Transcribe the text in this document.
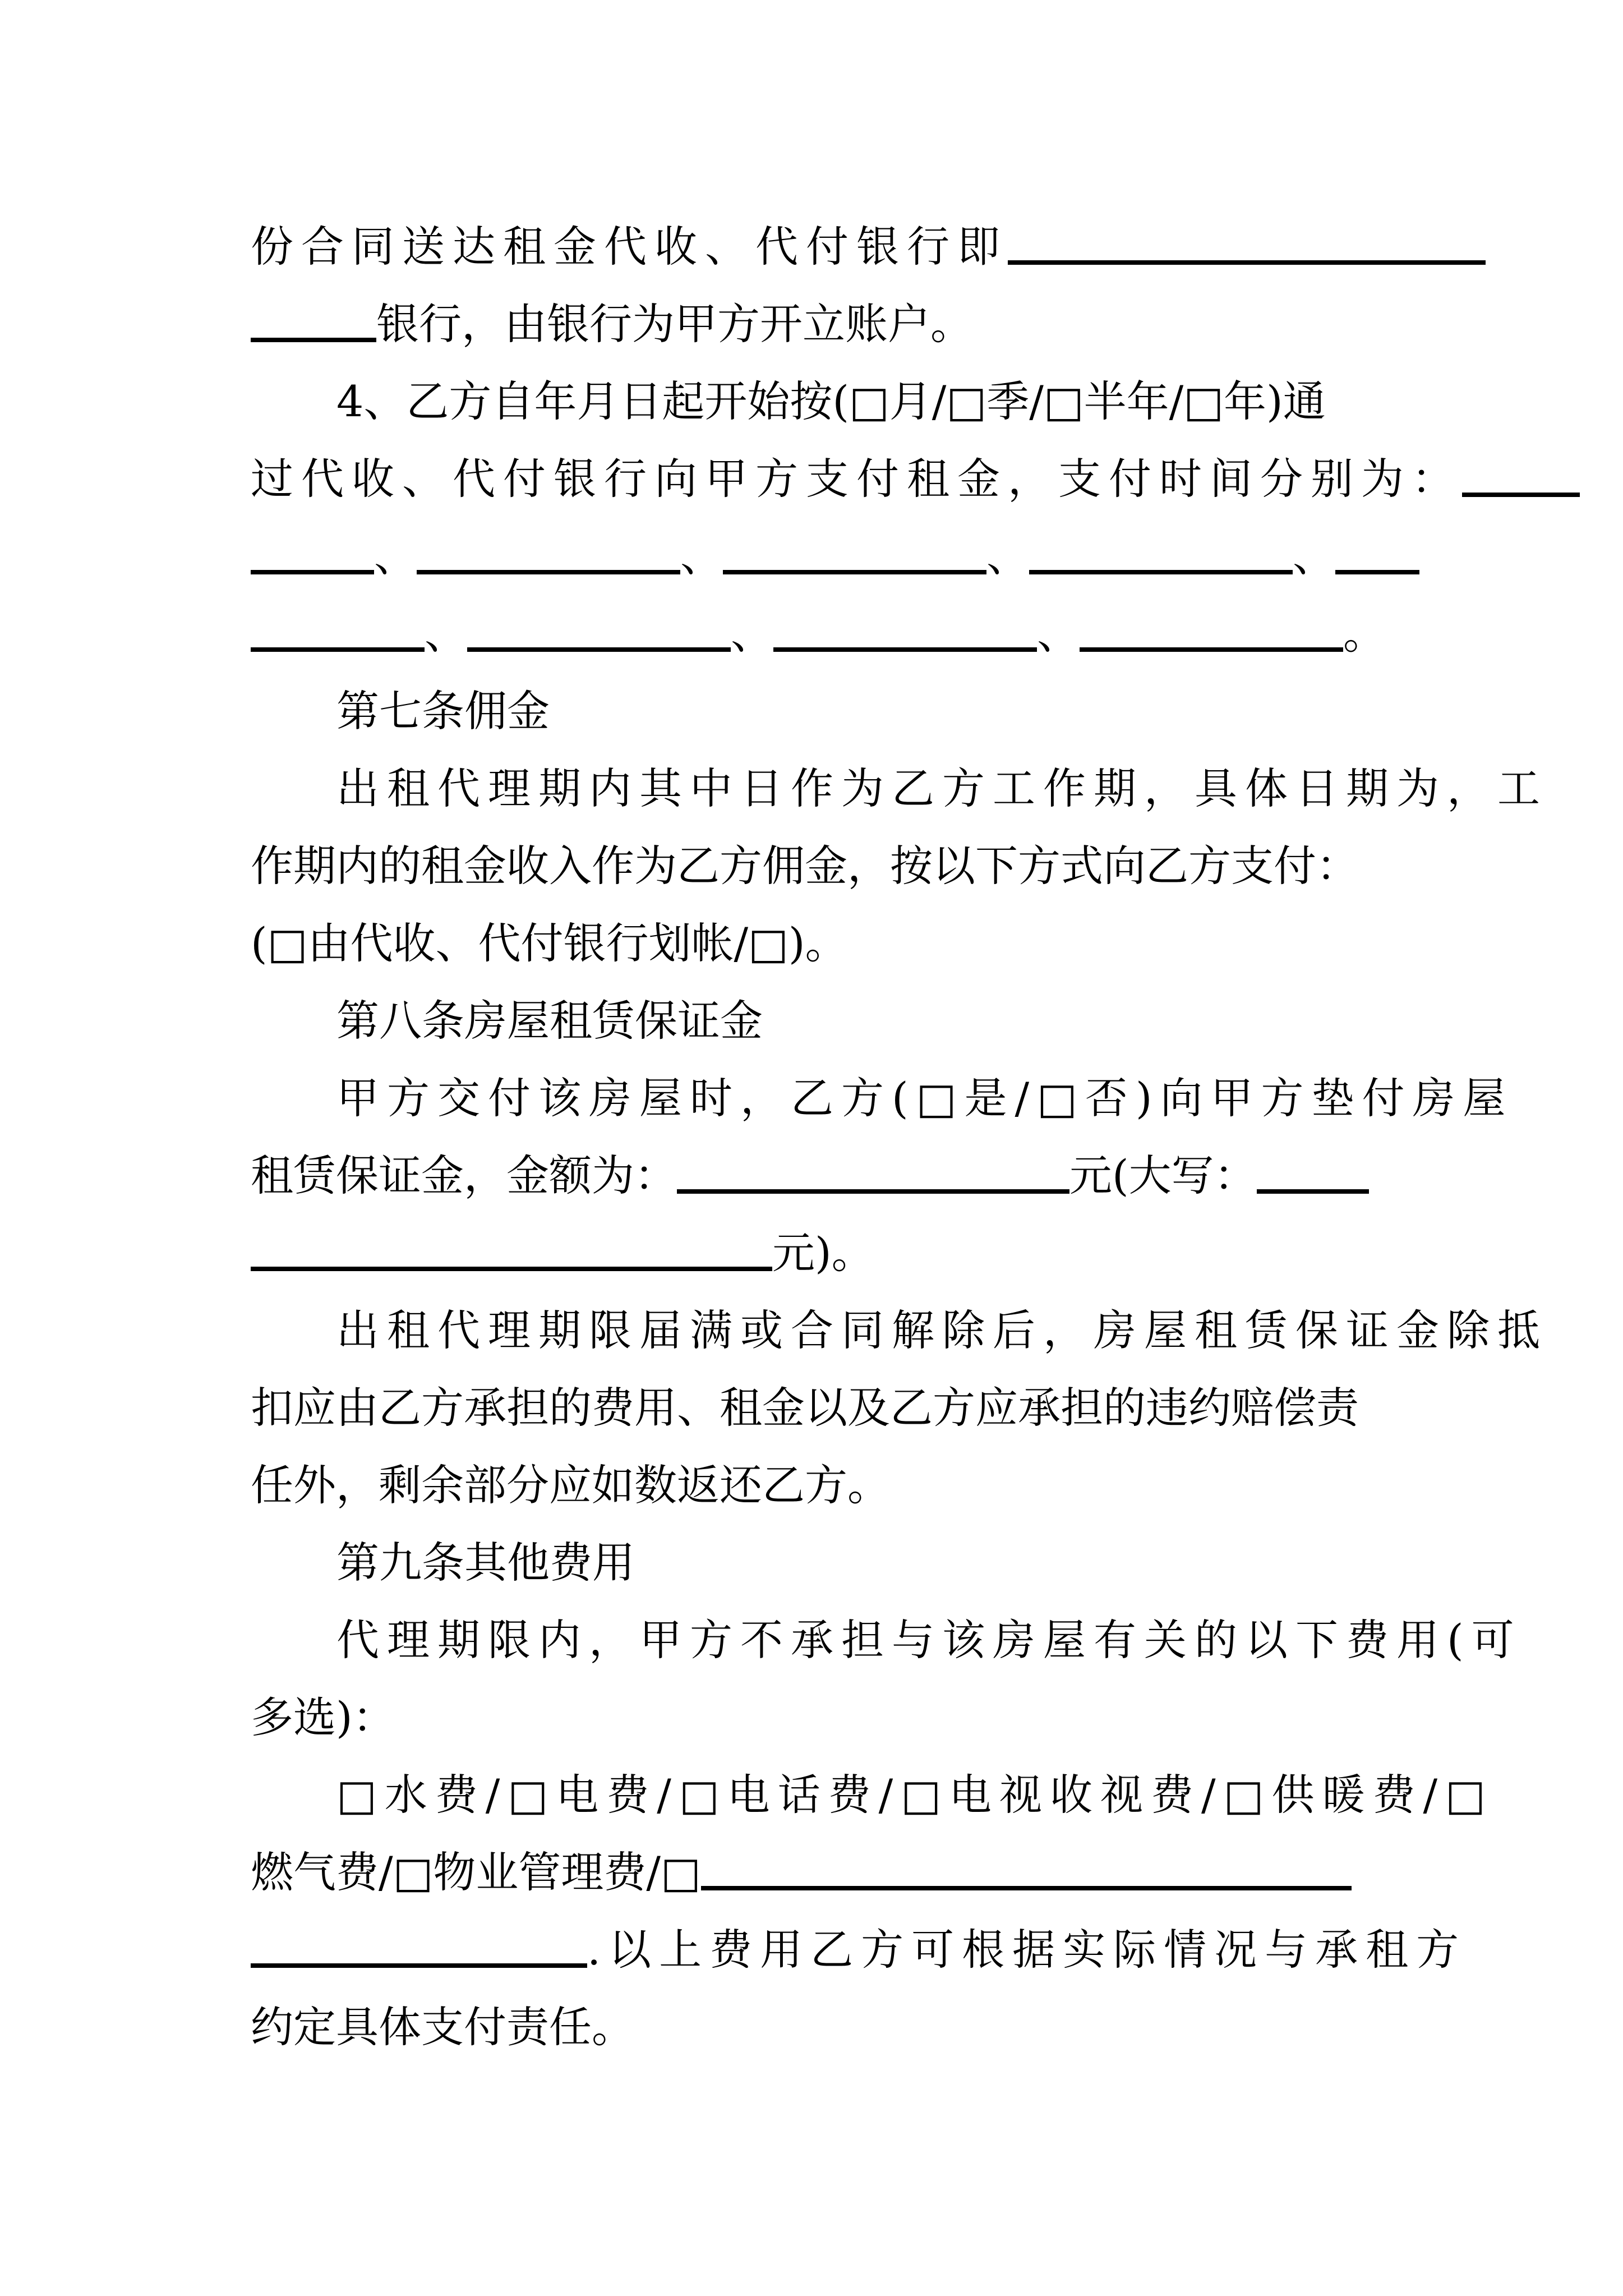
份合同送达租金代收、代付银行即
银行，由银行为甲方开立账户。
4、乙方自年月日起开始按(□月/□季/□半年/□年)通
过代收、代付银行向甲方支付租金，支付时间分别为：
、	、	、	、
、	、	、	。
第七条佣金
出租代理期内其中日作为乙方工作期，具体日期为，工
作期内的租金收入作为乙方佣金，按以下方式向乙方支付：
(□由代收、代付银行划帐/□)。
第八条房屋租赁保证金
甲方交付该房屋时，乙方(□是/□否)向甲方垫付房屋
租赁保证金，金额为：	元(大写：
元)。
出租代理期限届满或合同解除后，房屋租赁保证金除抵
扣应由乙方承担的费用、租金以及乙方应承担的违约赔偿责
任外，剩余部分应如数返还乙方。
第九条其他费用
代理期限内，甲方不承担与该房屋有关的以下费用(可
多选)：
□水费/□电费/□电话费/□电视收视费/□供暖费/□
燃气费/□物业管理费/□
.以上费用乙方可根据实际情况与承租方
约定具体支付责任。
